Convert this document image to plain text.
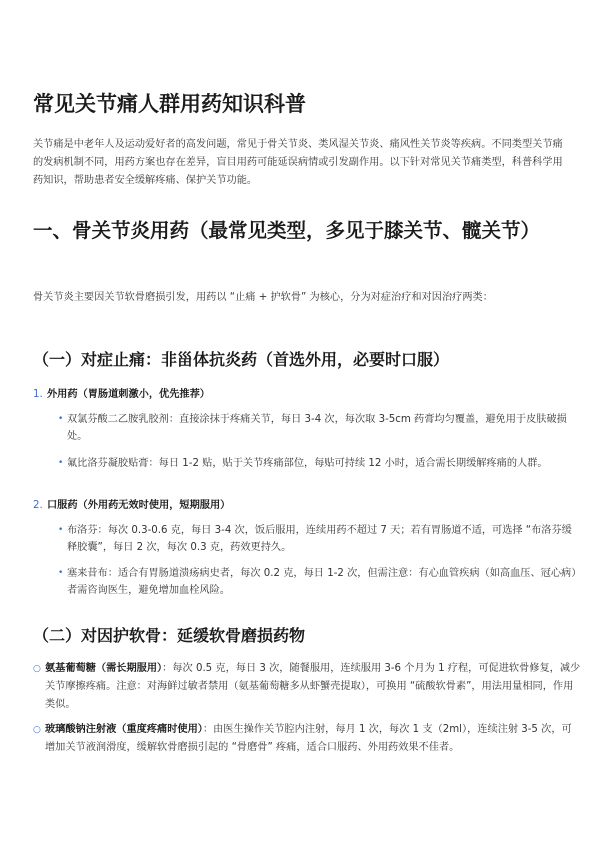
常见关节痛人群用药知识科普

关节痛是中老年人及运动爱好者的高发问题，常见于骨关节炎、类风湿关节炎、痛风性关节炎等疾病。不同类型关节痛的发病机制不同，用药方案也存在差异，盲目用药可能延误病情或引发副作用。以下针对常见关节痛类型，科普科学用药知识，帮助患者安全缓解疼痛、保护关节功能。

一、骨关节炎用药（最常见类型，多见于膝关节、髋关节）

骨关节炎主要因关节软骨磨损引发，用药以 “止痛 + 护软骨” 为核心，分为对症治疗和对因治疗两类：

（一）对症止痛：非甾体抗炎药（首选外用，必要时口服）
1. 外用药（胃肠道刺激小，优先推荐）
• 双氯芬酸二乙胺乳胶剂：直接涂抹于疼痛关节，每日 3-4 次，每次取 3-5cm 药膏均匀覆盖，避免用于皮肤破损处。
• 氟比洛芬凝胶贴膏：每日 1-2 贴，贴于关节疼痛部位，每贴可持续 12 小时，适合需长期缓解疼痛的人群。
2. 口服药（外用药无效时使用，短期服用）
• 布洛芬：每次 0.3-0.6 克，每日 3-4 次，饭后服用，连续用药不超过 7 天；若有胃肠道不适，可选择 “布洛芬缓释胶囊”，每日 2 次，每次 0.3 克，药效更持久。
• 塞来昔布：适合有胃肠道溃疡病史者，每次 0.2 克，每日 1-2 次，但需注意：有心血管疾病（如高血压、冠心病）者需咨询医生，避免增加血栓风险。
（二）对因护软骨：延缓软骨磨损药物
○ 氨基葡萄糖（需长期服用）：每次 0.5 克，每日 3 次，随餐服用，连续服用 3-6 个月为 1 疗程，可促进软骨修复，减少关节摩擦疼痛。注意：对海鲜过敏者禁用（氨基葡萄糖多从虾蟹壳提取），可换用 “硫酸软骨素”，用法用量相同，作用类似。
○ 玻璃酸钠注射液（重度疼痛时使用）：由医生操作关节腔内注射，每月 1 次，每次 1 支（2ml），连续注射 3-5 次，可增加关节液润滑度，缓解软骨磨损引起的 “骨磨骨” 疼痛，适合口服药、外用药效果不佳者。
